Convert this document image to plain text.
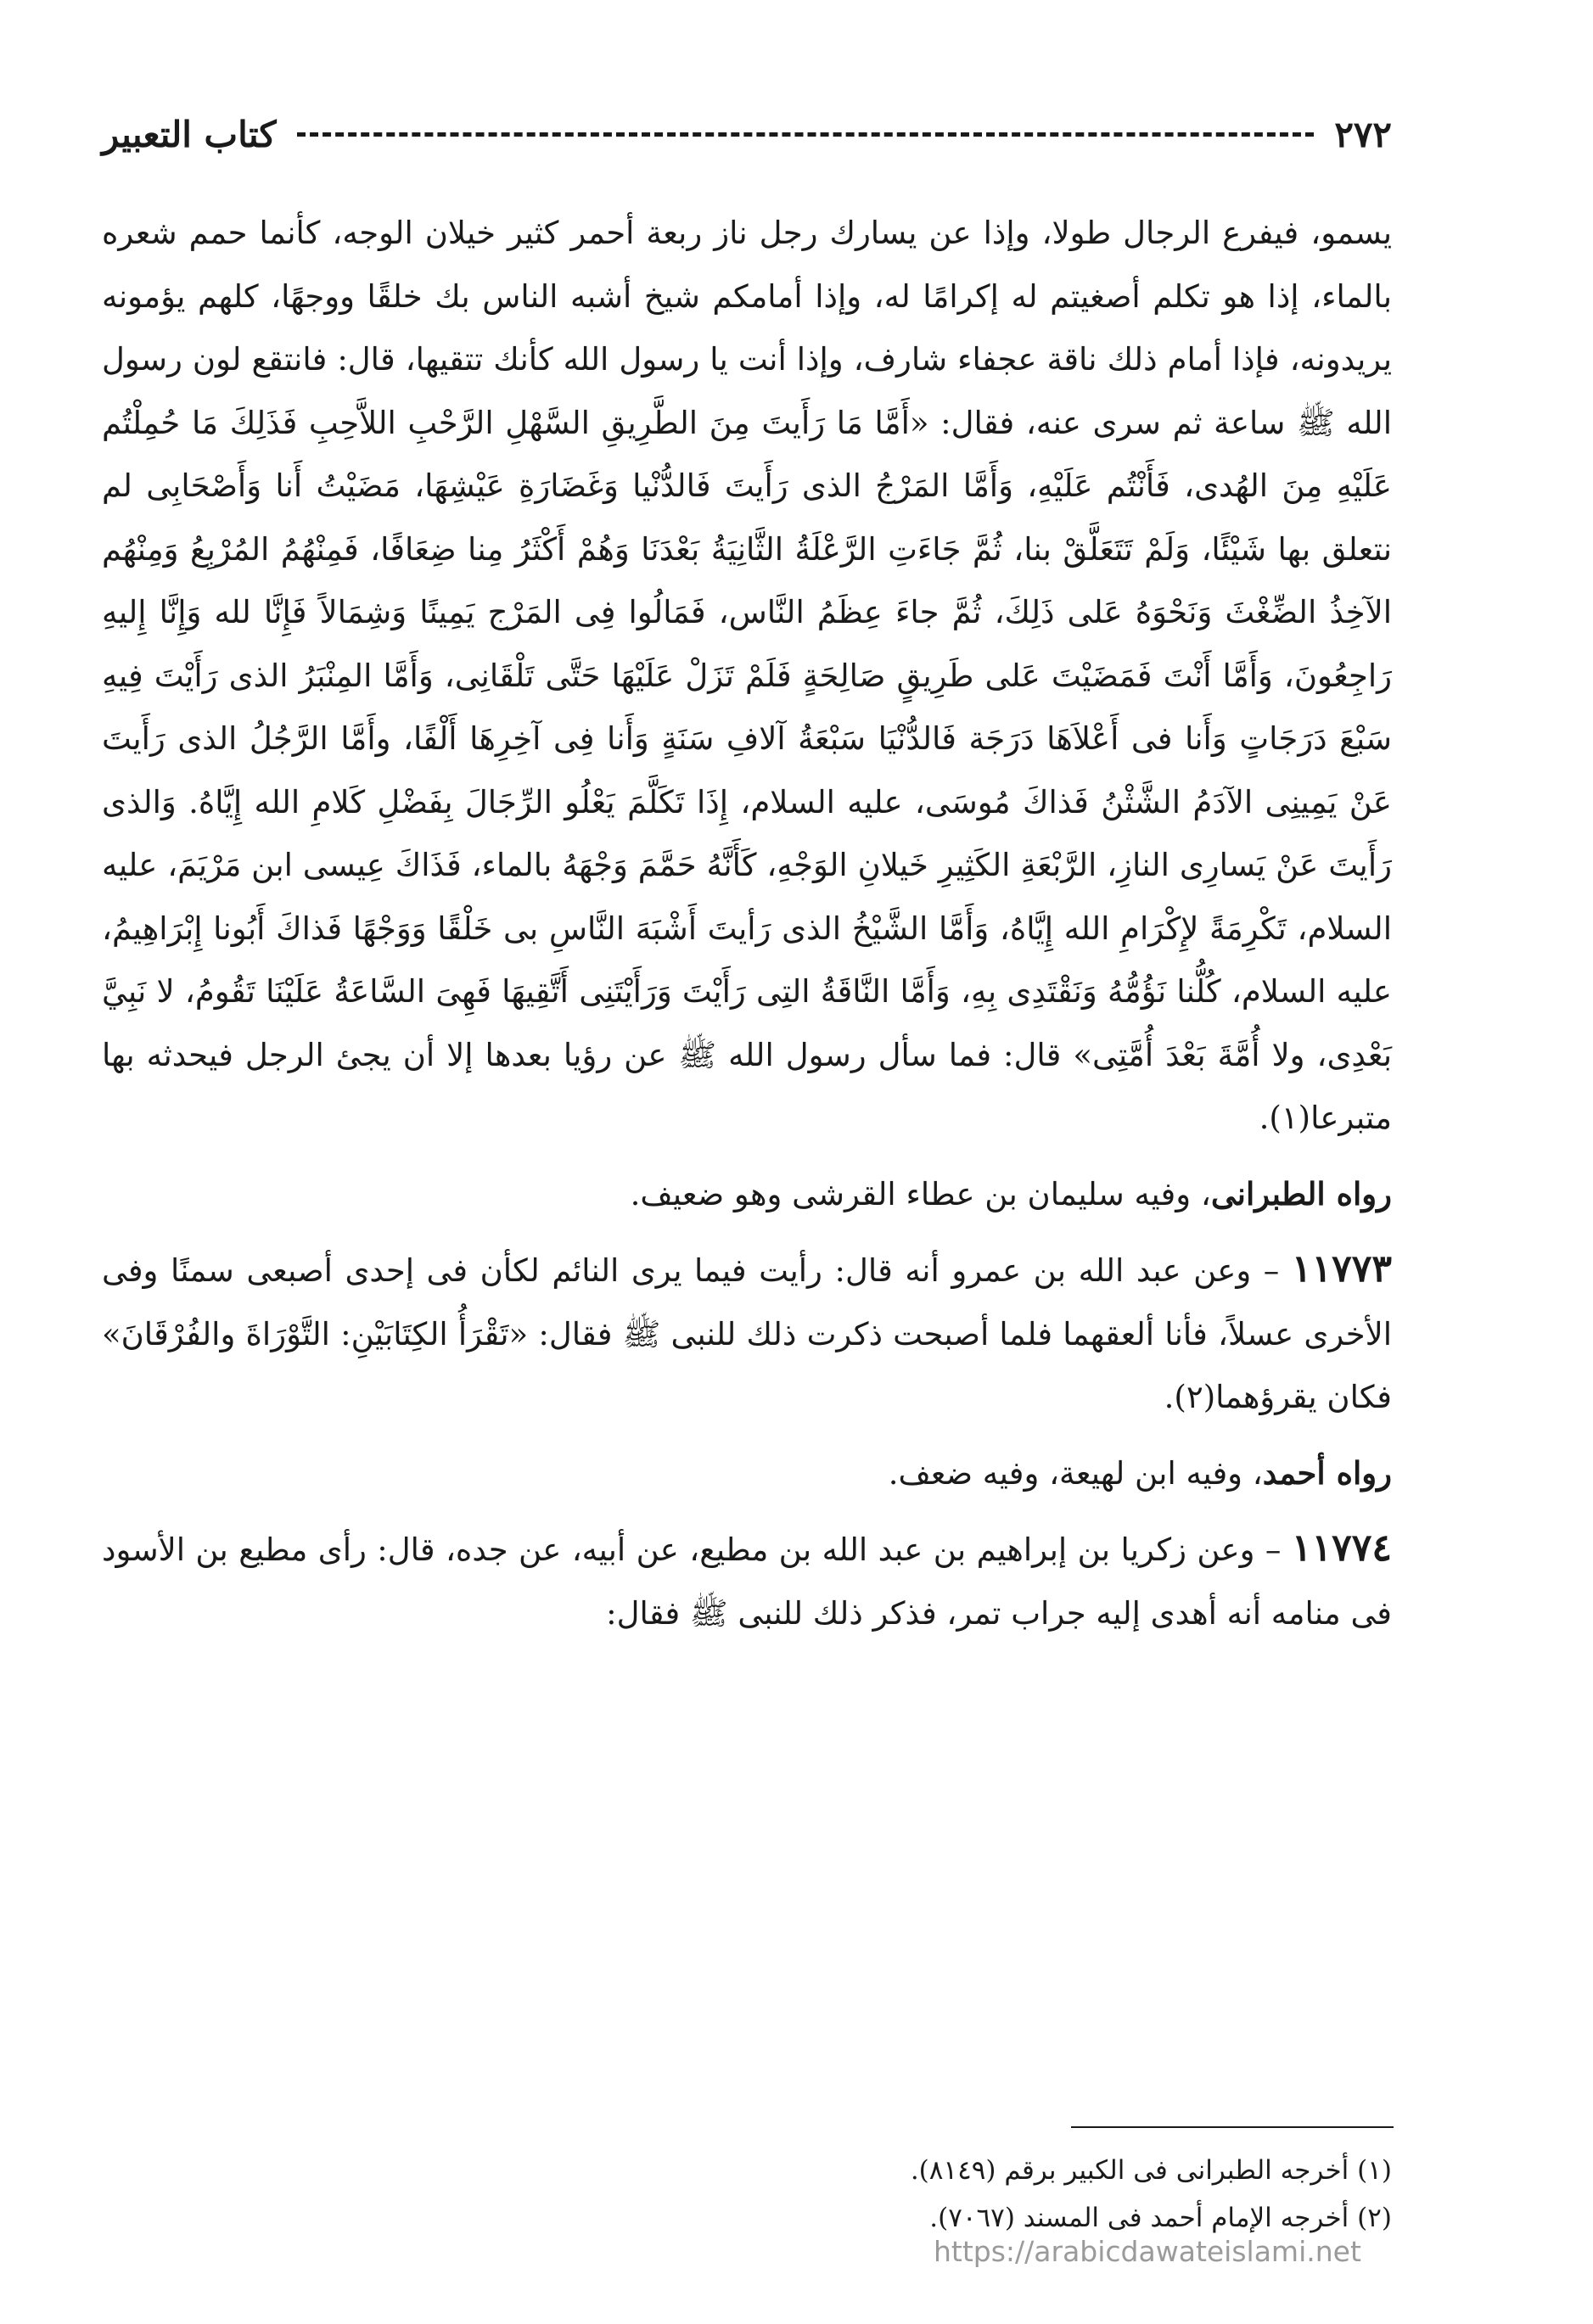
٢٧٢
كتاب التعبير

يسمو، فيفرع الرجال طولا، وإذا عن يسارك رجل ناز ربعة أحمر كثير خيلان الوجه، كأنما حمم شعره بالماء، إذا هو تكلم أصغيتم له إكرامًا له، وإذا أمامكم شيخ أشبه الناس بك خلقًا ووجهًا، كلهم يؤمونه يريدونه، فإذا أمام ذلك ناقة عجفاء شارف، وإذا أنت يا رسول الله كأنك تتقيها، قال: فانتقع لون رسول الله ﷺ ساعة ثم سرى عنه، فقال: «أَمَّا مَا رَأَيتَ مِنَ الطَّرِيقِ السَّهْلِ الرَّحْبِ اللاَّحِبِ فَذَلِكَ مَا حُمِلْتُم عَلَيْهِ مِنَ الهُدى، فَأَنْتُم عَلَيْهِ، وَأَمَّا المَرْجُ الذى رَأَيتَ فَالدُّنْيا وَغَضَارَةِ عَيْشِهَا، مَضَيْتُ أَنا وَأَصْحَابِى لم نتعلق بها شَيْئًا، وَلَمْ تَتَعَلَّقْ بنا، ثُمَّ جَاءَتِ الرَّعْلَةُ الثَّانِيَةُ بَعْدَنَا وَهُمْ أَكْثَرُ مِنا ضِعَافًا، فَمِنْهُمُ المُرْبِعُ وَمِنْهُم الآخِذُ الضِّغْثَ وَنَحْوَهُ عَلى ذَلِكَ، ثُمَّ جاءَ عِظَمُ النَّاس، فَمَالُوا فِى المَرْج يَمِينًا وَشِمَالاً فَإِنَّا لله وَإِنَّا إِليهِ رَاجِعُونَ، وَأَمَّا أَنْتَ فَمَضَيْتَ عَلى طَرِيقٍ صَالِحَةٍ فَلَمْ تَزَلْ عَلَيْهَا حَتَّى تَلْقَانِى، وَأَمَّا المِنْبَرُ الذى رَأَيْتَ فِيهِ سَبْعَ دَرَجَاتٍ وَأَنا فى أَعْلاَهَا دَرَجَة فَالدُّنْيَا سَبْعَةُ آلافِ سَنَةٍ وَأَنا فِى آخِرِهَا أَلْفًا، وأَمَّا الرَّجُلُ الذى رَأَيتَ عَنْ يَمِينِى الآدَمُ الشَّثْنُ فَذاكَ مُوسَى، عليه السلام، إِذَا تَكَلَّمَ يَعْلُو الرِّجَالَ بِفَضْلِ كَلامِ الله إِيَّاهُ. وَالذى رَأَيتَ عَنْ يَسارِى النازِ، الرَّبْعَةِ الكَثِيرِ خَيلانِ الوَجْهِ، كَأَنَّهُ حَمَّمَ وَجْهَهُ بالماء، فَذَاكَ عِيسى ابن مَرْيَمَ، عليه السلام، تَكْرِمَةً لإِكْرَامِ الله إِيَّاهُ، وَأَمَّا الشَّيْخُ الذى رَأيتَ أَشْبَهَ النَّاسِ بى خَلْقًا وَوَجْهًا فَذاكَ أَبُونا إِبْرَاهِيمُ، عليه السلام، كُلُّنا نَؤُمُّهُ وَنَقْتَدِى بِهِ، وَأَمَّا النَّاقَةُ التِى رَأَيْتَ وَرَأَيْتَنِى أَتَّقِيهَا فَهِىَ السَّاعَةُ عَلَيْنَا تَقُومُ، لا نَبِيَّ بَعْدِى، ولا أُمَّةَ بَعْدَ أُمَّتِى» قال: فما سأل رسول الله ﷺ عن رؤيا بعدها إلا أن يجئ الرجل فيحدثه بها متبرعا(١).

رواه الطبرانى، وفيه سليمان بن عطاء القرشى وهو ضعيف.

١١٧٧٣ – وعن عبد الله بن عمرو أنه قال: رأيت فيما يرى النائم لكأن فى إحدى أصبعى سمنًا وفى الأخرى عسلاً، فأنا ألعقهما فلما أصبحت ذكرت ذلك للنبى ﷺ فقال: «تَقْرَأُ الكِتَابَيْنِ: التَّوْرَاةَ والفُرْقَانَ» فكان يقرؤهما(٢).

رواه أحمد، وفيه ابن لهيعة، وفيه ضعف.

١١٧٧٤ – وعن زكريا بن إبراهيم بن عبد الله بن مطيع، عن أبيه، عن جده، قال: رأى مطيع بن الأسود فى منامه أنه أهدى إليه جراب تمر، فذكر ذلك للنبى ﷺ فقال:

(١) أخرجه الطبرانى فى الكبير برقم (٨١٤٩).

(٢) أخرجه الإمام أحمد فى المسند (٧٠٦٧).

https://arabicdawateislami.net
